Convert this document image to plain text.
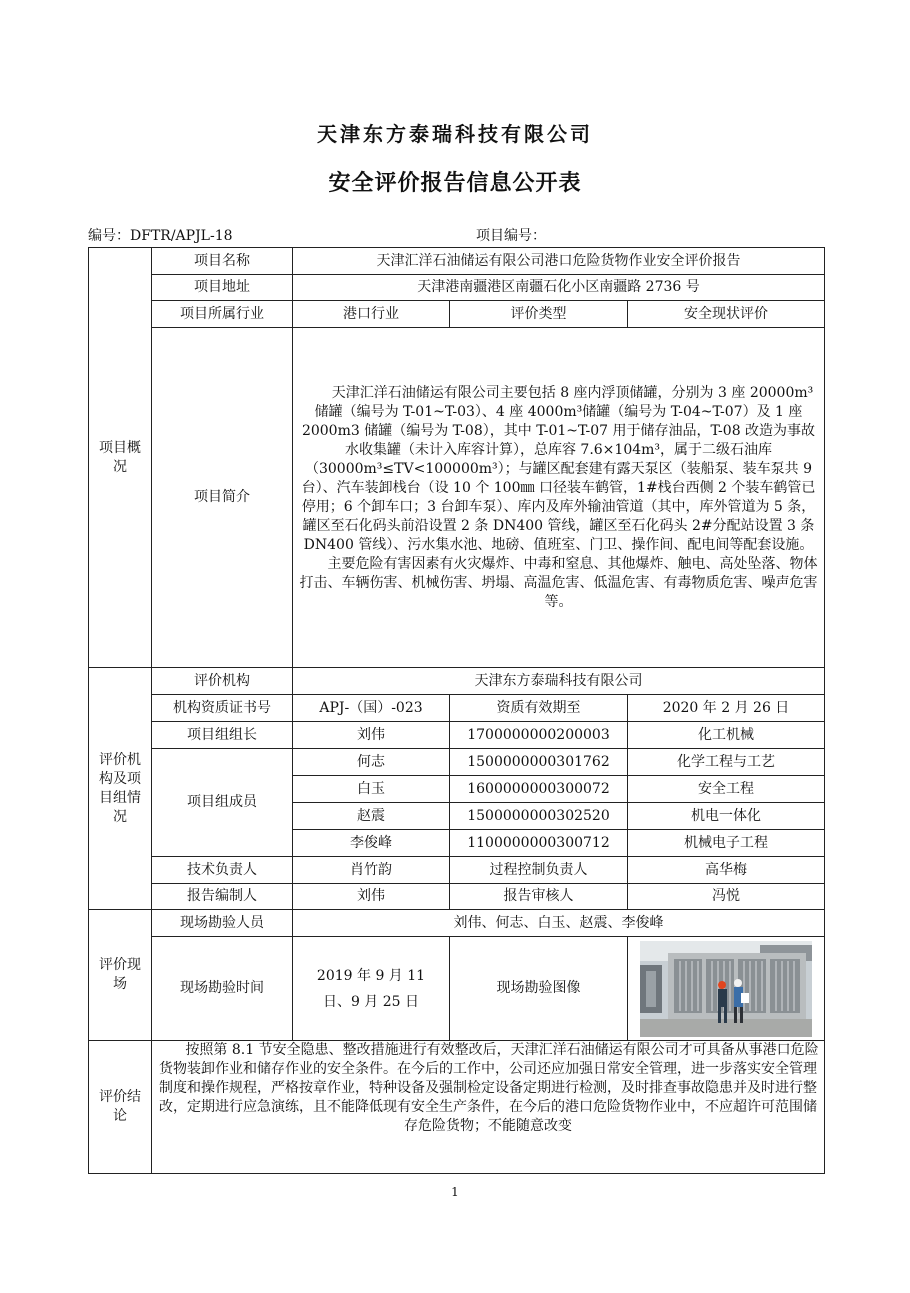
天津东方泰瑞科技有限公司
安全评价报告信息公开表
编号：DFTR/APJL-18	项目编号：
项目概况	项目名称	天津汇洋石油储运有限公司港口危险货物作业安全评价报告		
	项目地址	天津港南疆港区南疆石化小区南疆路 2736 号		
	项目所属行业	港口行业	评价类型	安全现状评价
	项目简介	天津汇洋石油储运有限公司主要包括 8 座内浮顶储罐，分别为 3 座 20000m³储罐（编号为 T-01~T-03）、4 座 4000m³储罐（编号为 T-04~T-07）及 1 座 2000m3 储罐（编号为 T-08），其中 T-01~T-07 用于储存油品，T-08 改造为事故水收集罐（未计入库容计算），总库容 7.6×104m³，属于二级石油库（30000m³≤TV<100000m³）；与罐区配套建有露天泵区（装船泵、装车泵共 9 台）、汽车装卸栈台（设 10 个 100㎜ 口径装车鹤管，1#栈台西侧 2 个装车鹤管已停用；6 个卸车口；3 台卸车泵）、库内及库外输油管道（其中，库外管道为 5 条，罐区至石化码头前沿设置 2 条 DN400 管线，罐区至石化码头 2#分配站设置 3 条 DN400 管线）、污水集水池、地磅、值班室、门卫、操作间、配电间等配套设施。

主要危险有害因素有火灾爆炸、中毒和窒息、其他爆炸、触电、高处坠落、物体打击、车辆伤害、机械伤害、坍塌、高温危害、低温危害、有毒物质危害、噪声危害等。		

评价机构及项目组情况	评价机构	天津东方泰瑞科技有限公司		
	机构资质证书号	APJ-（国）-023	资质有效期至	2020 年 2 月 26 日
	项目组组长	刘伟	1700000000200003	化工机械
	项目组成员	何志	1500000000301762	化学工程与工艺
		白玉	1600000000300072	安全工程
		赵震	1500000000302520	机电一体化
		李俊峰	1100000000300712	机械电子工程
	技术负责人	肖竹韵	过程控制负责人	高华梅
	报告编制人	刘伟	报告审核人	冯悦
评价现场	现场勘验人员	刘伟、何志、白玉、赵震、李俊峰		
	现场勘验时间	2019 年 9 月 11 日、9 月 25 日	现场勘验图像	

评价结论	按照第 8.1 节安全隐患、整改措施进行有效整改后，天津汇洋石油储运有限公司才可具备从事港口危险货物装卸作业和储存作业的安全条件。在今后的工作中，公司还应加强日常安全管理，进一步落实安全管理制度和操作规程，严格按章作业，特种设备及强制检定设备定期进行检测，及时排查事故隐患并及时进行整改，定期进行应急演练，且不能降低现有安全生产条件，在今后的港口危险货物作业中，不应超许可范围储存危险货物；不能随意改变			

1
